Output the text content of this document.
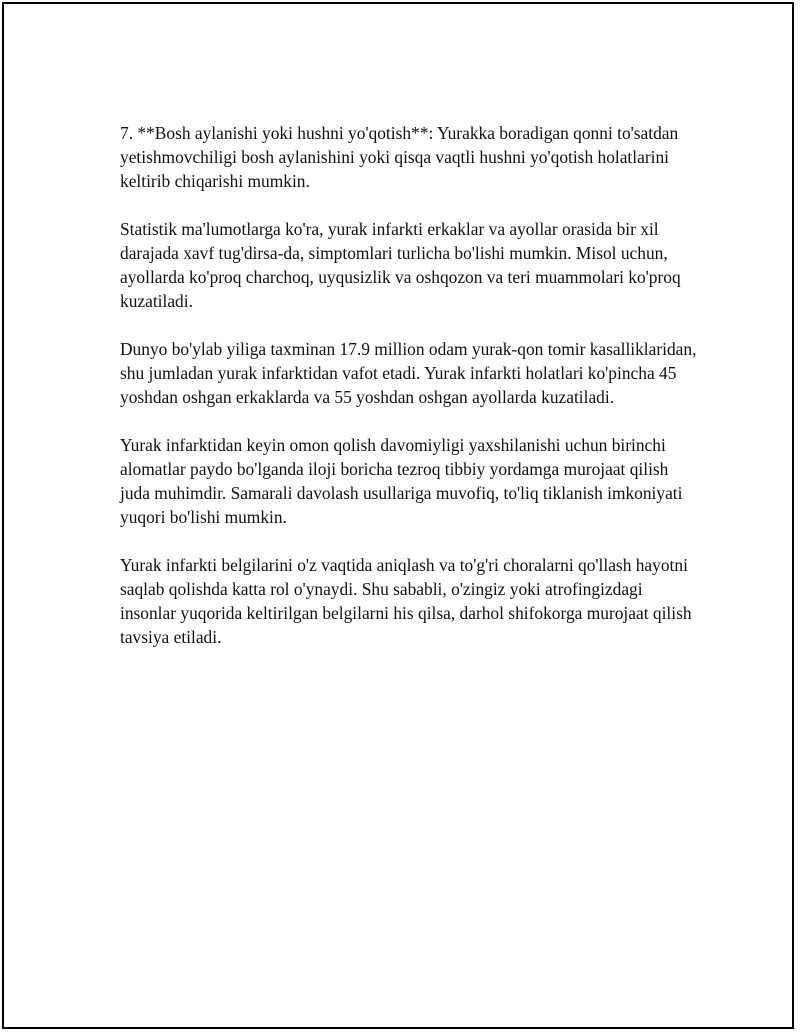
7. **Bosh aylanishi yoki hushni yo'qotish**: Yurakka boradigan qonni to'satdan yetishmovchiligi bosh aylanishini yoki qisqa vaqtli hushni yo'qotish holatlarini keltirib chiqarishi mumkin.

Statistik ma'lumotlarga ko'ra, yurak infarkti erkaklar va ayollar orasida bir xil darajada xavf tug'dirsa-da, simptomlari turlicha bo'lishi mumkin. Misol uchun, ayollarda ko'proq charchoq, uyqusizlik va oshqozon va teri muammolari ko'proq kuzatiladi.

Dunyo bo'ylab yiliga taxminan 17.9 million odam yurak-qon tomir kasalliklaridan, shu jumladan yurak infarktidan vafot etadi. Yurak infarkti holatlari ko'pincha 45 yoshdan oshgan erkaklarda va 55 yoshdan oshgan ayollarda kuzatiladi.

Yurak infarktidan keyin omon qolish davomiyligi yaxshilanishi uchun birinchi alomatlar paydo bo'lganda iloji boricha tezroq tibbiy yordamga murojaat qilish juda muhimdir. Samarali davolash usullariga muvofiq, to'liq tiklanish imkoniyati yuqori bo'lishi mumkin.

Yurak infarkti belgilarini o'z vaqtida aniqlash va to'g'ri choralarni qo'llash hayotni saqlab qolishda katta rol o'ynaydi. Shu sababli, o'zingiz yoki atrofingizdagi insonlar yuqorida keltirilgan belgilarni his qilsa, darhol shifokorga murojaat qilish tavsiya etiladi.
